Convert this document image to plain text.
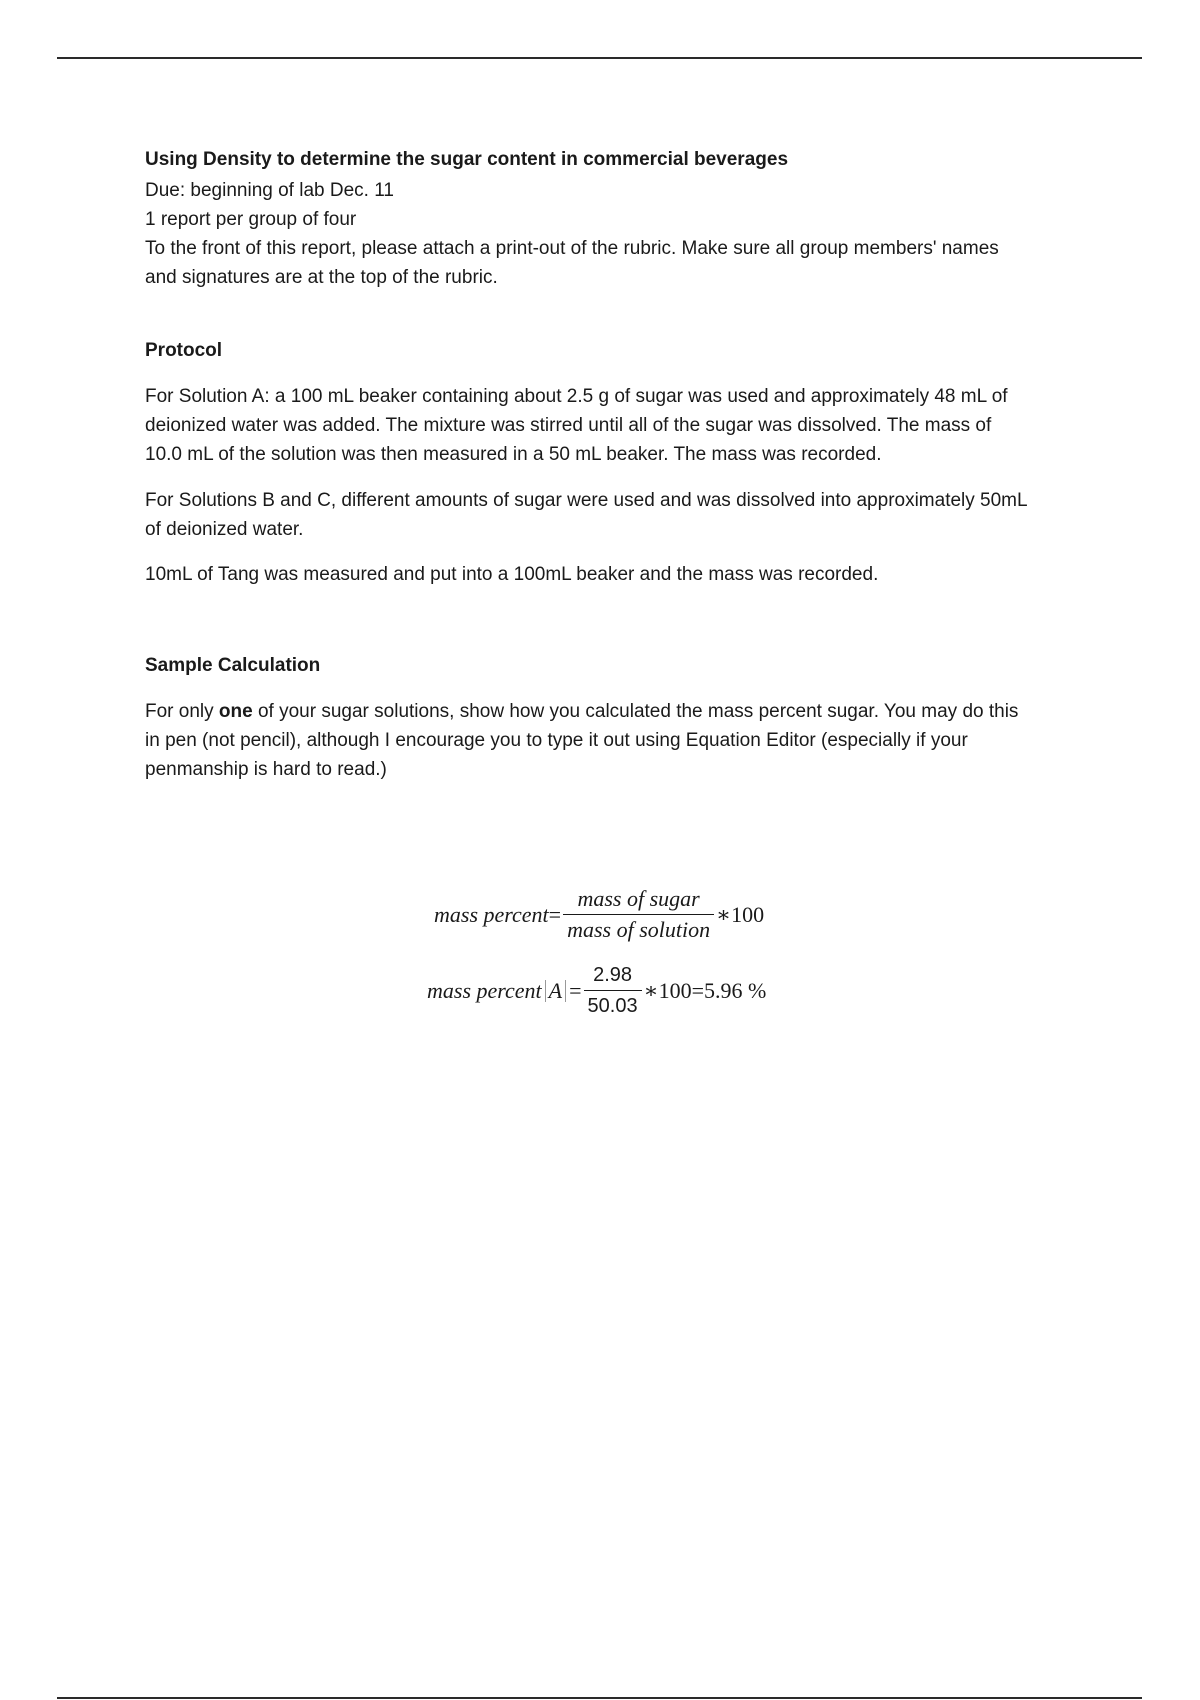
Using Density to determine the sugar content in commercial beverages
Due: beginning of lab Dec. 11
1 report per group of four
To the front of this report, please attach a print-out of the rubric. Make sure all group members' names
and signatures are at the top of the rubric.
Protocol
For Solution A: a 100 mL beaker containing about 2.5 g of sugar was used and approximately 48 mL of
deionized water was added. The mixture was stirred until all of the sugar was dissolved. The mass of
10.0 mL of the solution was then measured in a 50 mL beaker. The mass was recorded.
For Solutions B and C, different amounts of sugar were used and was dissolved into approximately 50mL
of deionized water.
10mL of Tang was measured and put into a 100mL beaker and the mass was recorded.
Sample Calculation
For only one of your sugar solutions, show how you calculated the mass percent sugar. You may do this
in pen (not pencil), although I encourage you to type it out using Equation Editor (especially if your
penmanship is hard to read.)
mass percent = $\frac{\text{mass of sugar}}{\text{mass of solution}}$ ∗100
mass percent $A = \frac{2.98}{50.03}$ ∗100 =5.96 %
